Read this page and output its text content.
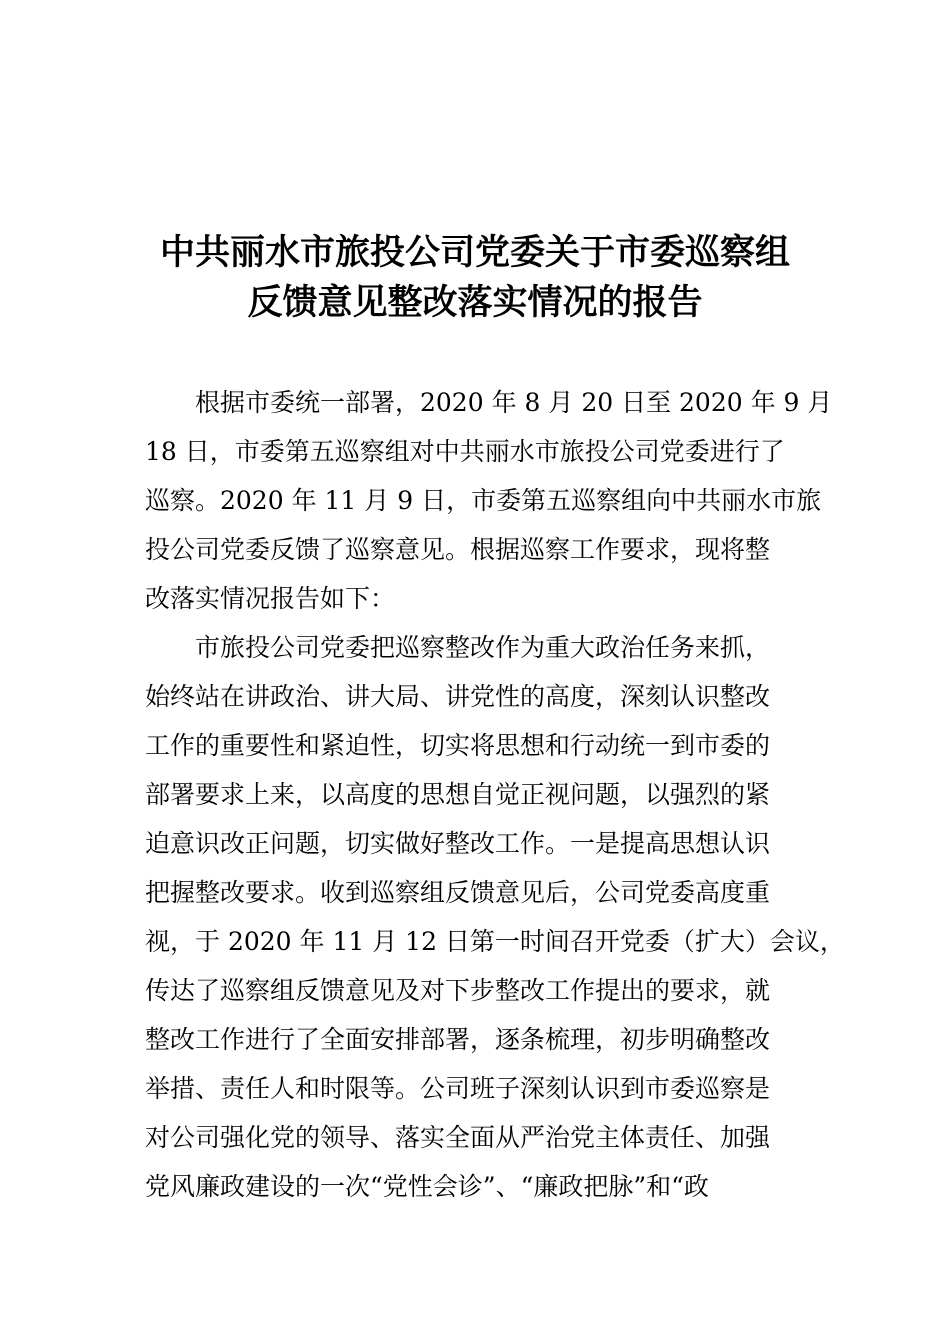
中共丽水市旅投公司党委关于市委巡察组
反馈意见整改落实情况的报告
根据市委统一部署，2020 年 8 月 20 日至 2020 年 9 月
18 日，市委第五巡察组对中共丽水市旅投公司党委进行了
巡察。2020 年 11 月 9 日，市委第五巡察组向中共丽水市旅
投公司党委反馈了巡察意见。根据巡察工作要求，现将整
改落实情况报告如下：
市旅投公司党委把巡察整改作为重大政治任务来抓，
始终站在讲政治、讲大局、讲党性的高度，深刻认识整改
工作的重要性和紧迫性，切实将思想和行动统一到市委的
部署要求上来，以高度的思想自觉正视问题，以强烈的紧
迫意识改正问题，切实做好整改工作。一是提高思想认识
把握整改要求。收到巡察组反馈意见后，公司党委高度重
视，于 2020 年 11 月 12 日第一时间召开党委（扩大）会议，
传达了巡察组反馈意见及对下步整改工作提出的要求，就
整改工作进行了全面安排部署，逐条梳理，初步明确整改
举措、责任人和时限等。公司班子深刻认识到市委巡察是
对公司强化党的领导、落实全面从严治党主体责任、加强
党风廉政建设的一次“党性会诊”、“廉政把脉”和“政
